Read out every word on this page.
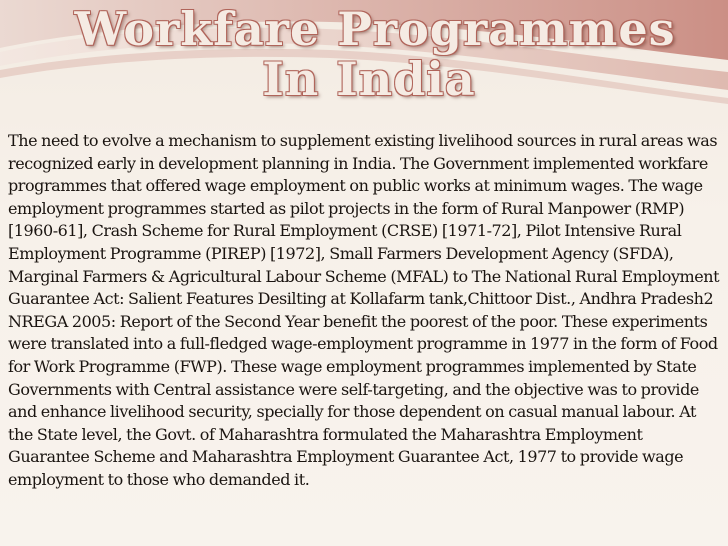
Workfare Programmes
In India

The need to evolve a mechanism to supplement existing livelihood sources in rural areas was recognized early in development planning in India. The Government implemented workfare programmes that offered wage employment on public works at minimum wages. The wage employment programmes started as pilot projects in the form of Rural Manpower (RMP) [1960-61], Crash Scheme for Rural Employment (CRSE) [1971-72], Pilot Intensive Rural Employment Programme (PIREP) [1972], Small Farmers Development Agency (SFDA), Marginal Farmers & Agricultural Labour Scheme (MFAL) to The National Rural Employment Guarantee Act: Salient Features Desilting at Kollafarm tank,Chittoor Dist., Andhra Pradesh2 NREGA 2005: Report of the Second Year benefit the poorest of the poor. These experiments were translated into a full-fledged wage-employment programme in 1977 in the form of Food for Work Programme (FWP). These wage employment programmes implemented by State Governments with Central assistance were self-targeting, and the objective was to provide and enhance livelihood security, specially for those dependent on casual manual labour. At the State level, the Govt. of Maharashtra formulated the Maharashtra Employment Guarantee Scheme and Maharashtra Employment Guarantee Act, 1977 to provide wage employment to those who demanded it.
